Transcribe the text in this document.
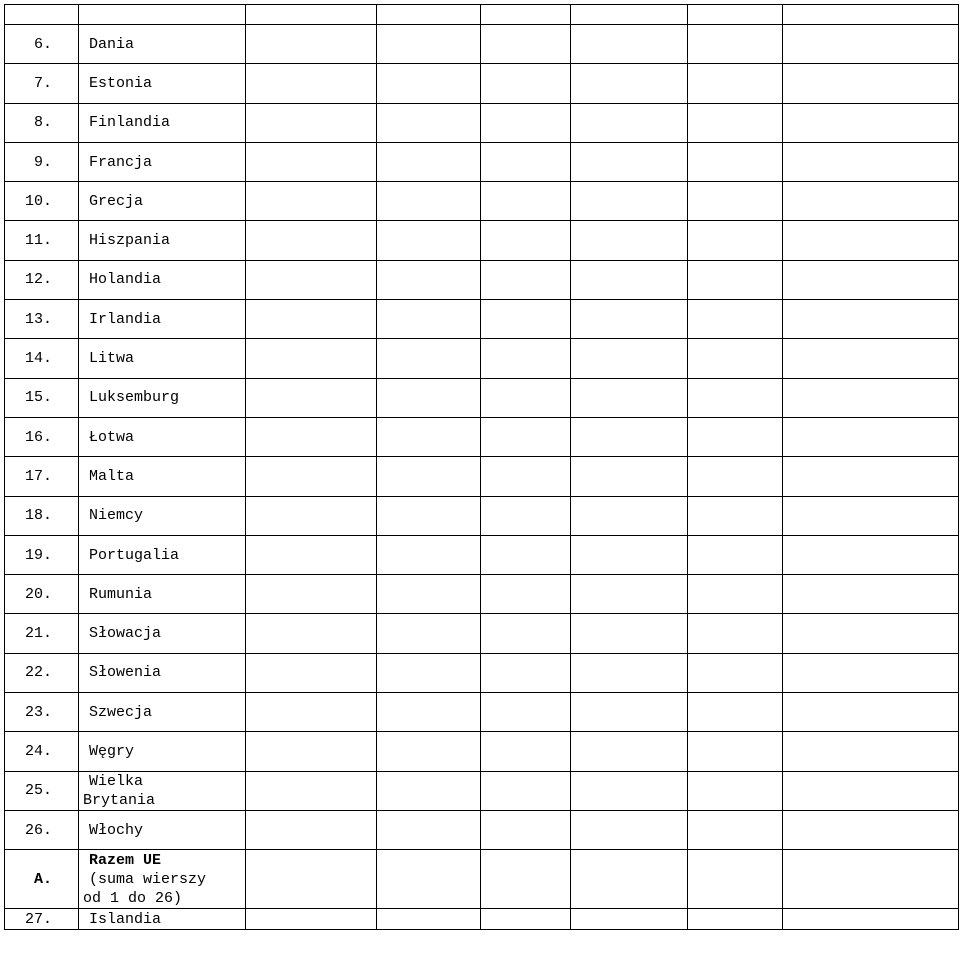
6.	Dania						
7.	Estonia						
8.	Finlandia						
9.	Francja						
10.	Grecja						
11.	Hiszpania						
12.	Holandia						
13.	Irlandia						
14.	Litwa						
15.	Luksemburg						
16.	Łotwa						
17.	Malta						
18.	Niemcy						
19.	Portugalia						
20.	Rumunia						
21.	Słowacja						
22.	Słowenia						
23.	Szwecja						
24.	Węgry						
25.	Wielka
Brytania						

26.	Włochy						
A.	Razem UE
(suma wierszy
od 1 do 26)						

27.	Islandia						
